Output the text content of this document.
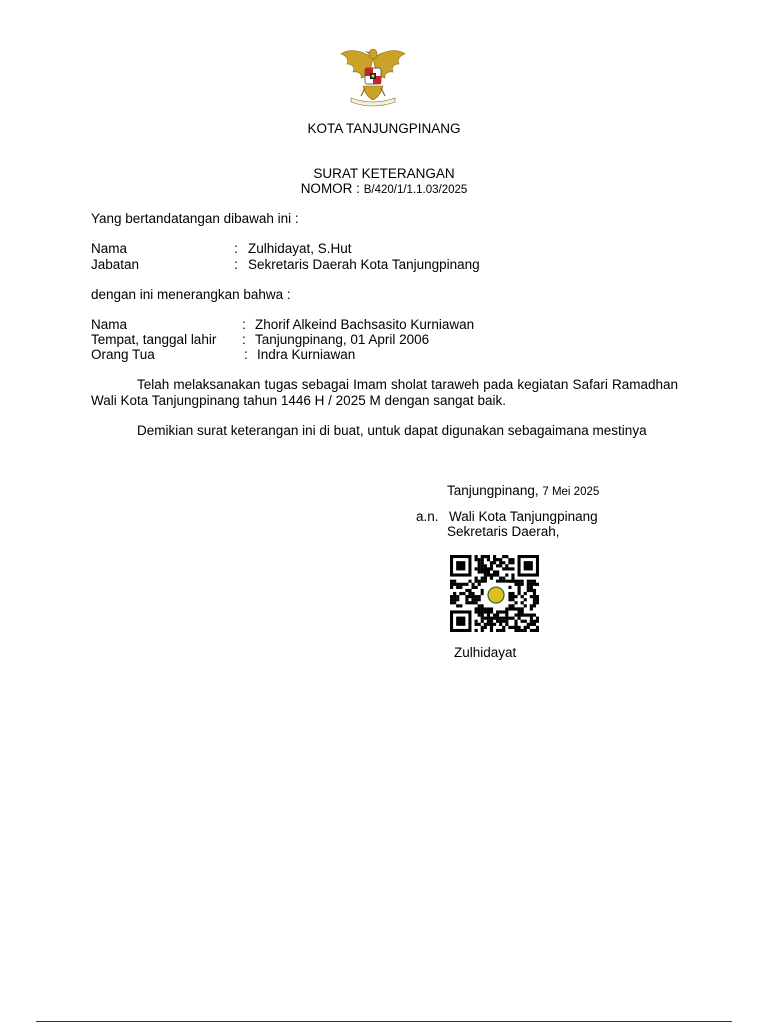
KOTA TANJUNGPINANG
SURAT KETERANGAN
NOMOR : B/420/1/1.1.03/2025
Yang bertandatangan dibawah ini :
Nama	: Zulhidayat, S.Hut
Jabatan	: Sekretaris Daerah Kota Tanjungpinang
dengan ini menerangkan bahwa :
Nama	: Zhorif Alkeind Bachsasito Kurniawan
Tempat, tanggal lahir : Tanjungpinang, 01 April 2006
Orang Tua	: Indra Kurniawan
Telah melaksanakan tugas sebagai Imam sholat taraweh pada kegiatan Safari Ramadhan Wali Kota Tanjungpinang tahun 1446 H / 2025 M dengan sangat baik.
Demikian surat keterangan ini di buat, untuk dapat digunakan sebagaimana mestinya
Tanjungpinang, 7 Mei 2025
a.n. Wali Kota Tanjungpinang
Sekretaris Daerah,
Zulhidayat
